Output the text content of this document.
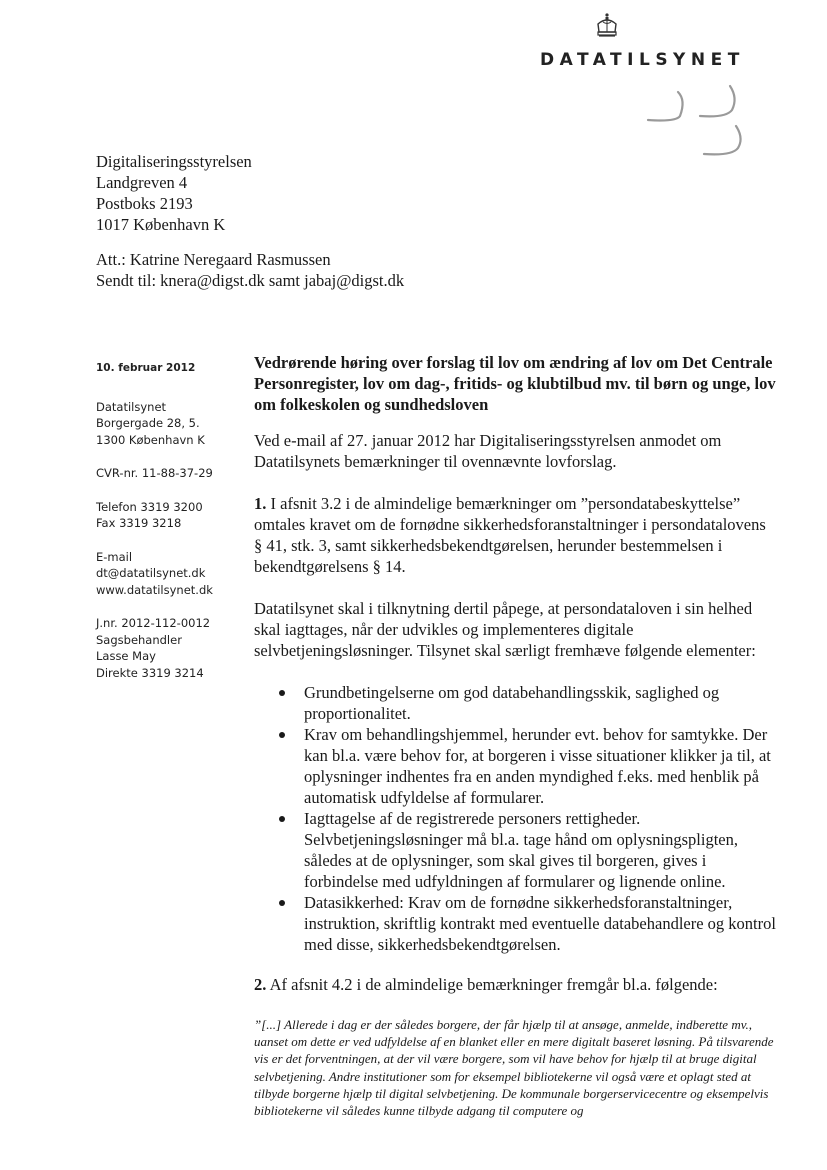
DATATILSYNET
Digitaliseringsstyrelsen
Landgreven 4
Postboks 2193
1017 København K
Att.: Katrine Neregaard Rasmussen
Sendt til: knera@digst.dk samt jabaj@digst.dk
10. februar 2012
Datatilsynet
Borgergade 28, 5.
1300 København K
CVR-nr. 11-88-37-29
Telefon 3319 3200
Fax 3319 3218
E-mail
dt@datatilsynet.dk
www.datatilsynet.dk
J.nr. 2012-112-0012
Sagsbehandler
Lasse May
Direkte 3319 3214

Vedrørende høring over forslag til lov om ændring af lov om Det Centrale Personregister, lov om dag-, fritids- og klubtilbud mv. til børn og unge, lov om folkeskolen og sundhedsloven

Ved e-mail af 27. januar 2012 har Digitaliseringsstyrelsen anmodet om Datatilsynets bemærkninger til ovennævnte lovforslag.

1. I afsnit 3.2 i de almindelige bemærkninger om ”persondatabeskyttelse” omtales kravet om de fornødne sikkerhedsforanstaltninger i persondatalovens § 41, stk. 3, samt sikkerhedsbekendtgørelsen, herunder bestemmelsen i bekendtgørelsens § 14.

Datatilsynet skal i tilknytning dertil påpege, at persondataloven i sin helhed skal iagttages, når der udvikles og implementeres digitale selvbetjeningsløsninger. Tilsynet skal særligt fremhæve følgende elementer:

Grundbetingelserne om god databehandlingsskik, saglighed og proportionalitet.
Krav om behandlingshjemmel, herunder evt. behov for samtykke. Der kan bl.a. være behov for, at borgeren i visse situationer klikker ja til, at oplysninger indhentes fra en anden myndighed f.eks. med henblik på automatisk udfyldelse af formularer.
Iagttagelse af de registrerede personers rettigheder. Selvbetjeningsløsninger må bl.a. tage hånd om oplysningspligten, således at de oplysninger, som skal gives til borgeren, gives i forbindelse med udfyldningen af formularer og lignende online.
Datasikkerhed: Krav om de fornødne sikkerhedsforanstaltninger, instruktion, skriftlig kontrakt med eventuelle databehandlere og kontrol med disse, sikkerhedsbekendtgørelsen.

2. Af afsnit 4.2 i de almindelige bemærkninger fremgår bl.a. følgende:

”[...] Allerede i dag er der således borgere, der får hjælp til at ansøge, anmelde, indberette mv., uanset om dette er ved udfyldelse af en blanket eller en mere digitalt baseret løsning. På tilsvarende vis er det forventningen, at der vil være borgere, som vil have behov for hjælp til at bruge digital selvbetjening. Andre institutioner som for eksempel bibliotekerne vil også være et oplagt sted at tilbyde borgerne hjælp til digital selvbetjening. De kommunale borgerservicecentre og eksempelvis bibliotekerne vil således kunne tilbyde adgang til computere og
